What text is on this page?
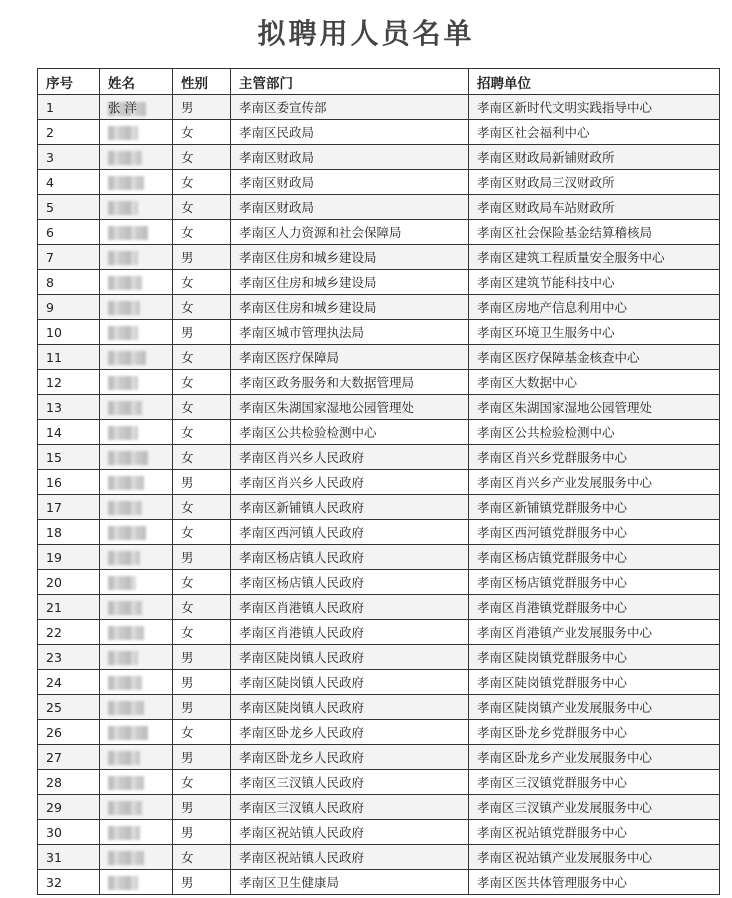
拟聘用人员名单
序号	姓名	性别	主管部门	招聘单位
1	张 洋	男	孝南区委宣传部	孝南区新时代文明实践指导中心
2		女	孝南区民政局	孝南区社会福利中心
3		女	孝南区财政局	孝南区财政局新铺财政所
4		女	孝南区财政局	孝南区财政局三汊财政所
5		女	孝南区财政局	孝南区财政局车站财政所
6		女	孝南区人力资源和社会保障局	孝南区社会保险基金结算稽核局
7		男	孝南区住房和城乡建设局	孝南区建筑工程质量安全服务中心
8		女	孝南区住房和城乡建设局	孝南区建筑节能科技中心
9		女	孝南区住房和城乡建设局	孝南区房地产信息利用中心
10		男	孝南区城市管理执法局	孝南区环境卫生服务中心
11		女	孝南区医疗保障局	孝南区医疗保障基金核查中心
12		女	孝南区政务服务和大数据管理局	孝南区大数据中心
13		女	孝南区朱湖国家湿地公园管理处	孝南区朱湖国家湿地公园管理处
14		女	孝南区公共检验检测中心	孝南区公共检验检测中心
15		女	孝南区肖兴乡人民政府	孝南区肖兴乡党群服务中心
16		男	孝南区肖兴乡人民政府	孝南区肖兴乡产业发展服务中心
17		女	孝南区新铺镇人民政府	孝南区新铺镇党群服务中心
18		女	孝南区西河镇人民政府	孝南区西河镇党群服务中心
19		男	孝南区杨店镇人民政府	孝南区杨店镇党群服务中心
20		女	孝南区杨店镇人民政府	孝南区杨店镇党群服务中心
21		女	孝南区肖港镇人民政府	孝南区肖港镇党群服务中心
22		女	孝南区肖港镇人民政府	孝南区肖港镇产业发展服务中心
23		男	孝南区陡岗镇人民政府	孝南区陡岗镇党群服务中心
24		男	孝南区陡岗镇人民政府	孝南区陡岗镇党群服务中心
25		男	孝南区陡岗镇人民政府	孝南区陡岗镇产业发展服务中心
26		女	孝南区卧龙乡人民政府	孝南区卧龙乡党群服务中心
27		男	孝南区卧龙乡人民政府	孝南区卧龙乡产业发展服务中心
28		女	孝南区三汊镇人民政府	孝南区三汊镇党群服务中心
29		男	孝南区三汊镇人民政府	孝南区三汊镇产业发展服务中心
30		男	孝南区祝站镇人民政府	孝南区祝站镇党群服务中心
31		女	孝南区祝站镇人民政府	孝南区祝站镇产业发展服务中心
32		男	孝南区卫生健康局	孝南区医共体管理服务中心
